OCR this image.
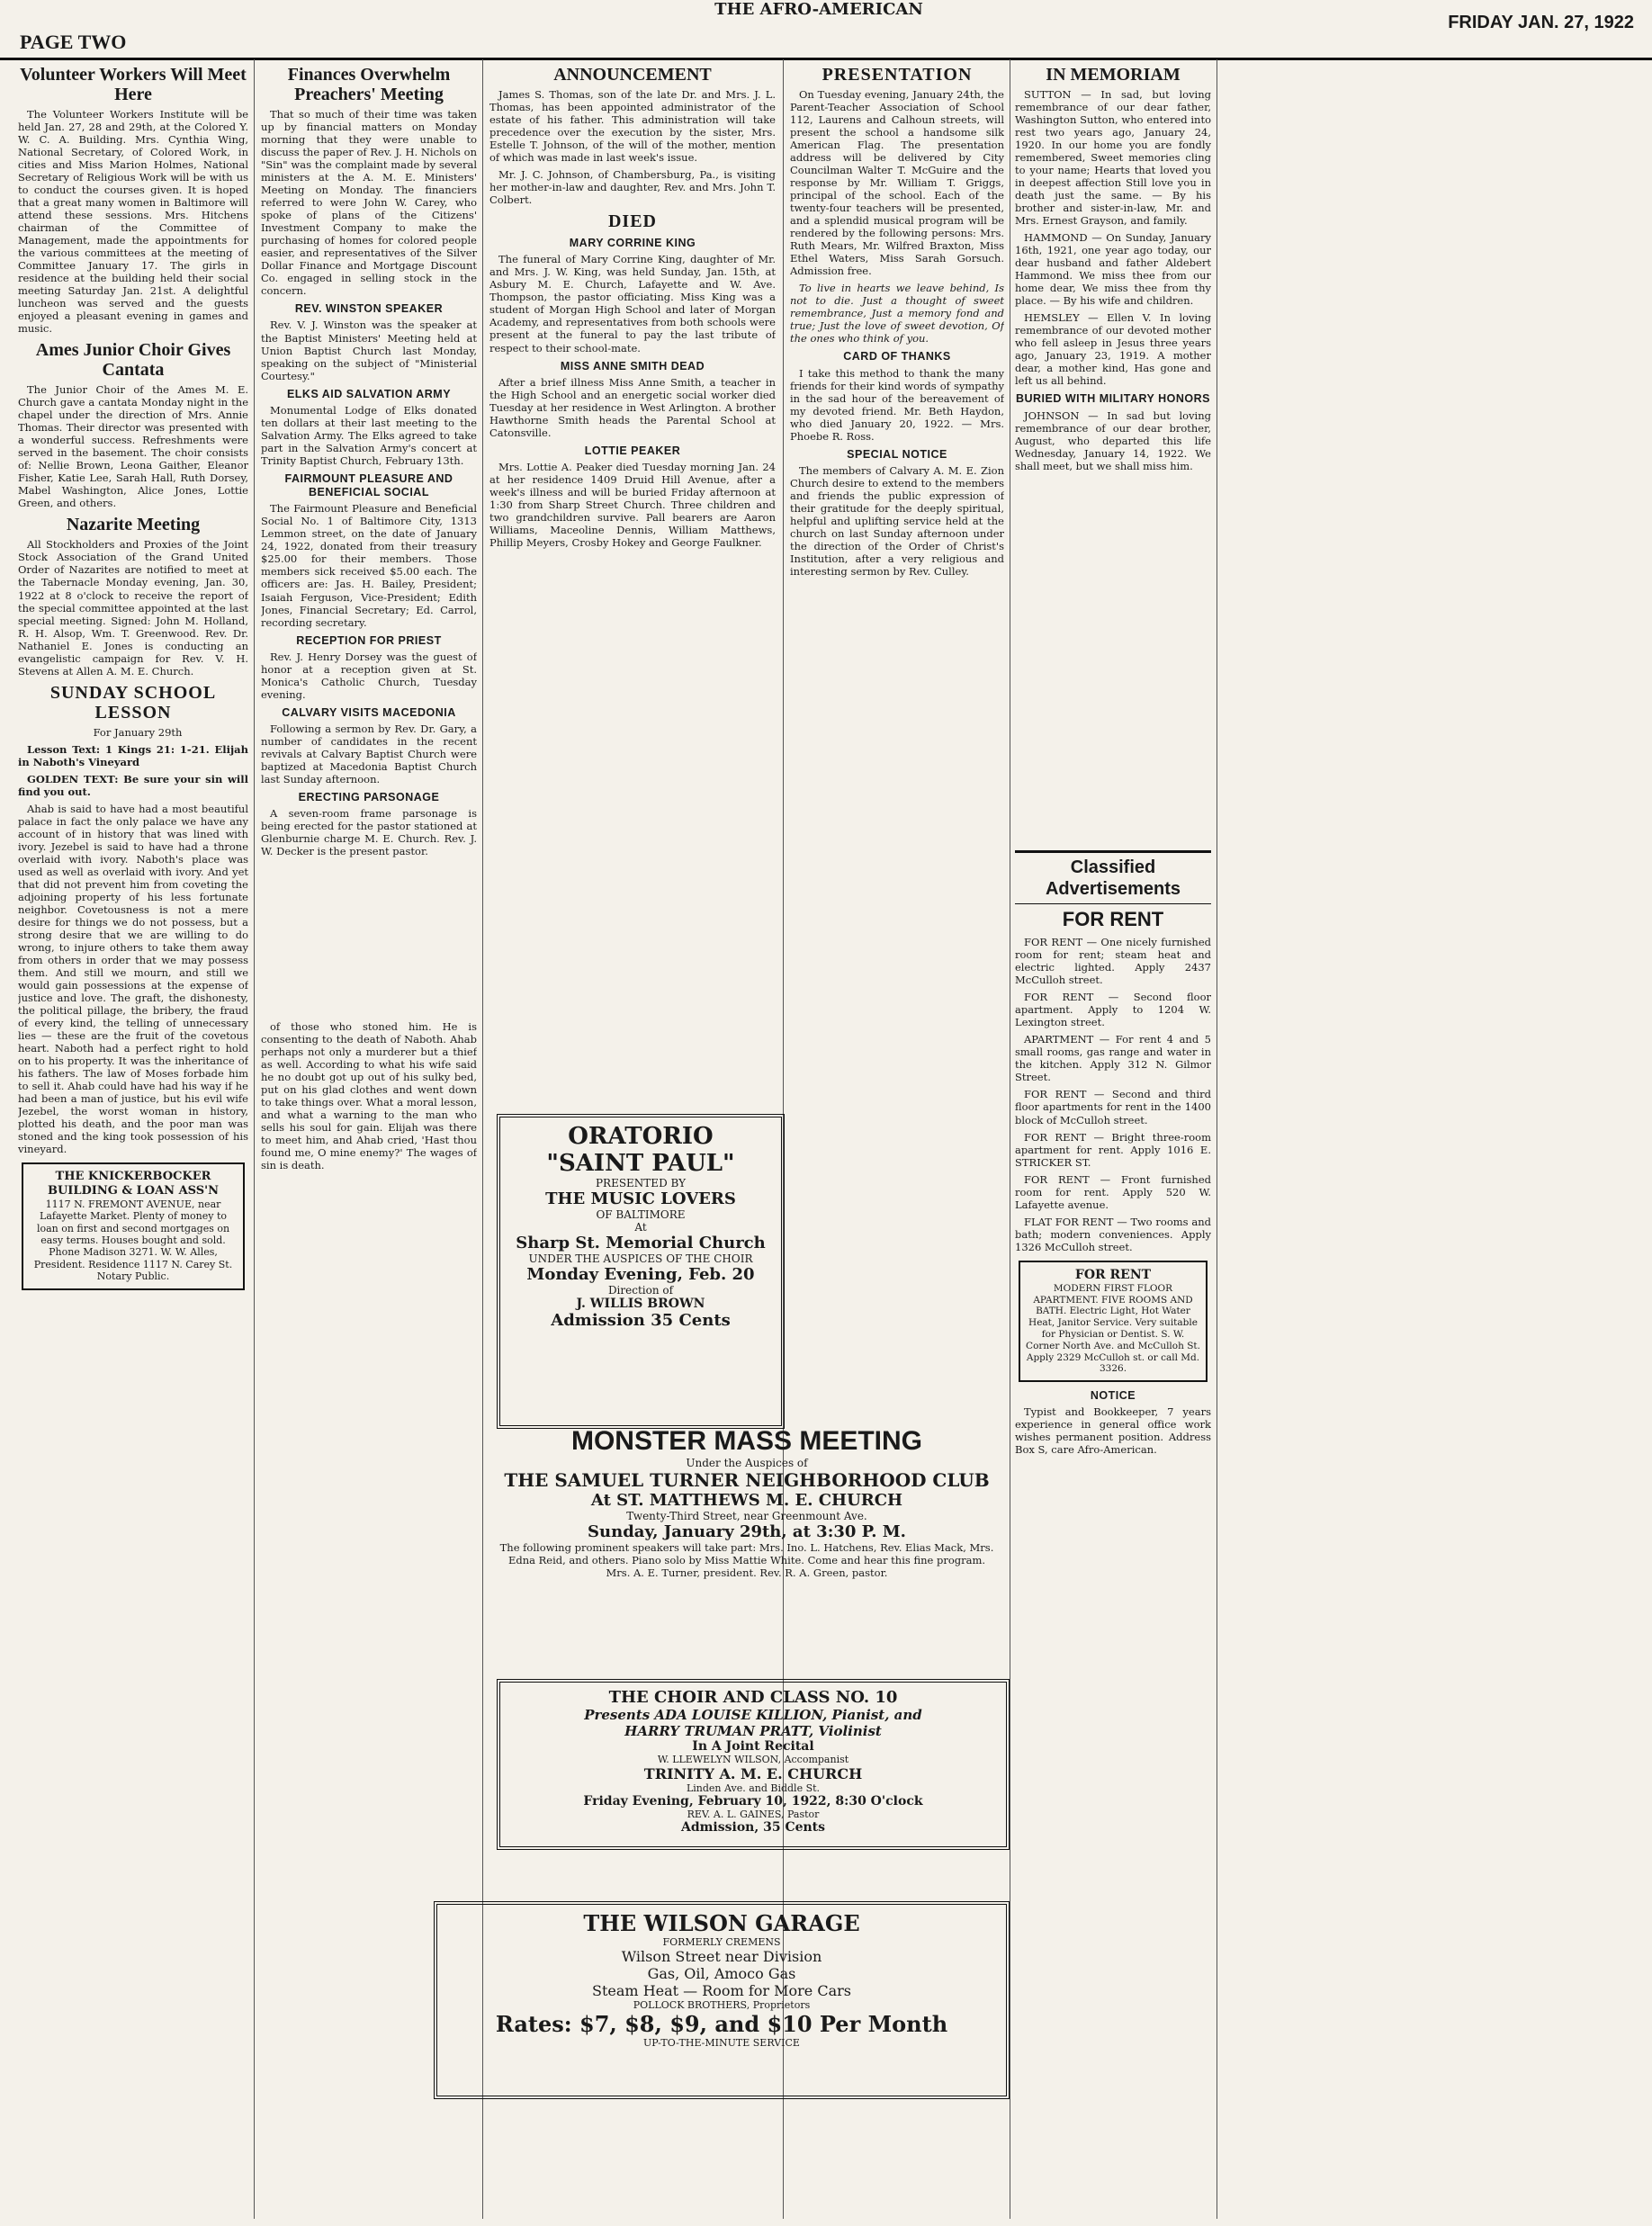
PAGE TWO
THE AFRO-AMERICAN
FRIDAY JAN. 27, 1922
Volunteer Workers Will Meet Here

The Volunteer Workers Institute will be held Jan. 27, 28 and 29th, at the Colored Y. W. C. A. Building. Mrs. Cynthia Wing, National Secretary, of Colored Work, in cities and Miss Marion Holmes, National Secretary of Religious Work will be with us to conduct the courses given. It is hoped that a great many women in Baltimore will attend these sessions. Mrs. Hitchens chairman of the Committee of Management, made the appointments for the various committees at the meeting of Committee January 17. The girls in residence at the building held their social meeting Saturday Jan. 21st. A delightful luncheon was served and the guests enjoyed a pleasant evening in games and music.

Ames Junior Choir Gives Cantata

The Junior Choir of the Ames M. E. Church gave a cantata Monday night in the chapel under the direction of Mrs. Annie Thomas. Their director was presented with a wonderful success. Refreshments were served in the basement. The choir consists of: Nellie Brown, Leona Gaither, Eleanor Fisher, Katie Lee, Sarah Hall, Ruth Dorsey, Mabel Washington, Alice Jones, Lottie Green, and others.

Nazarite Meeting

All Stockholders and Proxies of the Joint Stock Association of the Grand United Order of Nazarites are notified to meet at the Tabernacle Monday evening, Jan. 30, 1922 at 8 o'clock to receive the report of the special committee appointed at the last special meeting. Signed: John M. Holland, R. H. Alsop, Wm. T. Greenwood. Rev. Dr. Nathaniel E. Jones is conducting an evangelistic campaign for Rev. V. H. Stevens at Allen A. M. E. Church.

SUNDAY SCHOOL LESSON

For January 29th

Lesson Text: 1 Kings 21: 1-21. Elijah in Naboth's Vineyard

GOLDEN TEXT: Be sure your sin will find you out.

Ahab is said to have had a most beautiful palace in fact the only palace we have any account of in history that was lined with ivory. Jezebel is said to have had a throne overlaid with ivory. Naboth's place was used as well as overlaid with ivory. And yet that did not prevent him from coveting the adjoining property of his less fortunate neighbor. Covetousness is not a mere desire for things we do not possess, but a strong desire that we are willing to do wrong, to injure others to take them away from others in order that we may possess them. And still we mourn, and still we would gain possessions at the expense of justice and love. The graft, the dishonesty, the political pillage, the bribery, the fraud of every kind, the telling of unnecessary lies — these are the fruit of the covetous heart. Naboth had a perfect right to hold on to his property. It was the inheritance of his fathers. The law of Moses forbade him to sell it. Ahab could have had his way if he had been a man of justice, but his evil wife Jezebel, the worst woman in history, plotted his death, and the poor man was stoned and the king took possession of his vineyard.

THE KNICKERBOCKER BUILDING & LOAN ASS'N
1117 N. FREMONT AVENUE, near Lafayette Market. Plenty of money to loan on first and second mortgages on easy terms. Houses bought and sold. Phone Madison 3271. W. W. Alles, President. Residence 1117 N. Carey St. Notary Public.
Finances Overwhelm Preachers' Meeting

That so much of their time was taken up by financial matters on Monday morning that they were unable to discuss the paper of Rev. J. H. Nichols on "Sin" was the complaint made by several ministers at the A. M. E. Ministers' Meeting on Monday. The financiers referred to were John W. Carey, who spoke of plans of the Citizens' Investment Company to make the purchasing of homes for colored people easier, and representatives of the Silver Dollar Finance and Mortgage Discount Co. engaged in selling stock in the concern.

REV. WINSTON SPEAKER

Rev. V. J. Winston was the speaker at the Baptist Ministers' Meeting held at Union Baptist Church last Monday, speaking on the subject of "Ministerial Courtesy."

ELKS AID SALVATION ARMY

Monumental Lodge of Elks donated ten dollars at their last meeting to the Salvation Army. The Elks agreed to take part in the Salvation Army's concert at Trinity Baptist Church, February 13th.

FAIRMOUNT PLEASURE AND BENEFICIAL SOCIAL

The Fairmount Pleasure and Beneficial Social No. 1 of Baltimore City, 1313 Lemmon street, on the date of January 24, 1922, donated from their treasury $25.00 for their members. Those members sick received $5.00 each. The officers are: Jas. H. Bailey, President; Isaiah Ferguson, Vice-President; Edith Jones, Financial Secretary; Ed. Carrol, recording secretary.

RECEPTION FOR PRIEST

Rev. J. Henry Dorsey was the guest of honor at a reception given at St. Monica's Catholic Church, Tuesday evening.

CALVARY VISITS MACEDONIA

Following a sermon by Rev. Dr. Gary, a number of candidates in the recent revivals at Calvary Baptist Church were baptized at Macedonia Baptist Church last Sunday afternoon.

ERECTING PARSONAGE

A seven-room frame parsonage is being erected for the pastor stationed at Glenburnie charge M. E. Church. Rev. J. W. Decker is the present pastor.

of those who stoned him. He is consenting to the death of Naboth. Ahab perhaps not only a murderer but a thief as well. According to what his wife said he no doubt got up out of his sulky bed, put on his glad clothes and went down to take things over. What a moral lesson, and what a warning to the man who sells his soul for gain. Elijah was there to meet him, and Ahab cried, 'Hast thou found me, O mine enemy?' The wages of sin is death.

ANNOUNCEMENT

James S. Thomas, son of the late Dr. and Mrs. J. L. Thomas, has been appointed administrator of the estate of his father. This administration will take precedence over the execution by the sister, Mrs. Estelle T. Johnson, of the will of the mother, mention of which was made in last week's issue.

Mr. J. C. Johnson, of Chambersburg, Pa., is visiting her mother-in-law and daughter, Rev. and Mrs. John T. Colbert.

DIED
MARY CORRINE KING

The funeral of Mary Corrine King, daughter of Mr. and Mrs. J. W. King, was held Sunday, Jan. 15th, at Asbury M. E. Church, Lafayette and W. Ave. Thompson, the pastor officiating. Miss King was a student of Morgan High School and later of Morgan Academy, and representatives from both schools were present at the funeral to pay the last tribute of respect to their school-mate.

MISS ANNE SMITH DEAD

After a brief illness Miss Anne Smith, a teacher in the High School and an energetic social worker died Tuesday at her residence in West Arlington. A brother Hawthorne Smith heads the Parental School at Catonsville.

LOTTIE PEAKER

Mrs. Lottie A. Peaker died Tuesday morning Jan. 24 at her residence 1409 Druid Hill Avenue, after a week's illness and will be buried Friday afternoon at 1:30 from Sharp Street Church. Three children and two grandchildren survive. Pall bearers are Aaron Williams, Maceoline Dennis, William Matthews, Phillip Meyers, Crosby Hokey and George Faulkner.

ORATORIO
"SAINT PAUL"
PRESENTED BY
THE MUSIC LOVERS
OF BALTIMORE
At
Sharp St. Memorial Church
UNDER THE AUSPICES OF THE CHOIR
Monday Evening, Feb. 20
Direction of
J. WILLIS BROWN
Admission 35 Cents
PRESENTATION

On Tuesday evening, January 24th, the Parent-Teacher Association of School 112, Laurens and Calhoun streets, will present the school a handsome silk American Flag. The presentation address will be delivered by City Councilman Walter T. McGuire and the response by Mr. William T. Griggs, principal of the school. Each of the twenty-four teachers will be presented, and a splendid musical program will be rendered by the following persons: Mrs. Ruth Mears, Mr. Wilfred Braxton, Miss Ethel Waters, Miss Sarah Gorsuch. Admission free.

To live in hearts we leave behind, Is not to die. Just a thought of sweet remembrance, Just a memory fond and true; Just the love of sweet devotion, Of the ones who think of you.

CARD OF THANKS

I take this method to thank the many friends for their kind words of sympathy in the sad hour of the bereavement of my devoted friend. Mr. Beth Haydon, who died January 20, 1922. — Mrs. Phoebe R. Ross.

SPECIAL NOTICE

The members of Calvary A. M. E. Zion Church desire to extend to the members and friends the public expression of their gratitude for the deeply spiritual, helpful and uplifting service held at the church on last Sunday afternoon under the direction of the Order of Christ's Institution, after a very religious and interesting sermon by Rev. Culley.

MONSTER MASS MEETING
Under the Auspices of
THE SAMUEL TURNER NEIGHBORHOOD CLUB
At ST. MATTHEWS M. E. CHURCH
Twenty-Third Street, near Greenmount Ave.
Sunday, January 29th, at 3:30 P. M.
The following prominent speakers will take part: Mrs. Ino. L. Hatchens, Rev. Elias Mack, Mrs. Edna Reid, and others. Piano solo by Miss Mattie White. Come and hear this fine program. Mrs. A. E. Turner, president. Rev. R. A. Green, pastor.
THE CHOIR AND CLASS NO. 10
Presents ADA LOUISE KILLION, Pianist, and
HARRY TRUMAN PRATT, Violinist
In A Joint Recital
W. LLEWELYN WILSON, Accompanist
TRINITY A. M. E. CHURCH
Linden Ave. and Biddle St.
Friday Evening, February 10, 1922, 8:30 O'clock
REV. A. L. GAINES, Pastor
Admission, 35 Cents
THE WILSON GARAGE
FORMERLY CREMENS
Wilson Street near Division
Gas, Oil, Amoco Gas
Steam Heat — Room for More Cars
POLLOCK BROTHERS, Proprietors
Rates: $7, $8, $9, and $10 Per Month
UP-TO-THE-MINUTE SERVICE
IN MEMORIAM

SUTTON — In sad, but loving remembrance of our dear father, Washington Sutton, who entered into rest two years ago, January 24, 1920. In our home you are fondly remembered, Sweet memories cling to your name; Hearts that loved you in deepest affection Still love you in death just the same. — By his brother and sister-in-law, Mr. and Mrs. Ernest Grayson, and family.

HAMMOND — On Sunday, January 16th, 1921, one year ago today, our dear husband and father Aldebert Hammond. We miss thee from our home dear, We miss thee from thy place. — By his wife and children.

HEMSLEY — Ellen V. In loving remembrance of our devoted mother who fell asleep in Jesus three years ago, January 23, 1919. A mother dear, a mother kind, Has gone and left us all behind.

BURIED WITH MILITARY HONORS

JOHNSON — In sad but loving remembrance of our dear brother, August, who departed this life Wednesday, January 14, 1922. We shall meet, but we shall miss him.

Classified Advertisements
FOR RENT

FOR RENT — One nicely furnished room for rent; steam heat and electric lighted. Apply 2437 McCulloh street.

FOR RENT — Second floor apartment. Apply to 1204 W. Lexington street.

APARTMENT — For rent 4 and 5 small rooms, gas range and water in the kitchen. Apply 312 N. Gilmor Street.

FOR RENT — Second and third floor apartments for rent in the 1400 block of McCulloh street.

FOR RENT — Bright three-room apartment for rent. Apply 1016 E. STRICKER ST.

FOR RENT — Front furnished room for rent. Apply 520 W. Lafayette avenue.

FLAT FOR RENT — Two rooms and bath; modern conveniences. Apply 1326 McCulloh street.

FOR RENT
MODERN FIRST FLOOR APARTMENT. FIVE ROOMS AND BATH. Electric Light, Hot Water Heat, Janitor Service. Very suitable for Physician or Dentist. S. W. Corner North Ave. and McCulloh St. Apply 2329 McCulloh st. or call Md. 3326.
NOTICE

Typist and Bookkeeper, 7 years experience in general office work wishes permanent position. Address Box S, care Afro-American.
